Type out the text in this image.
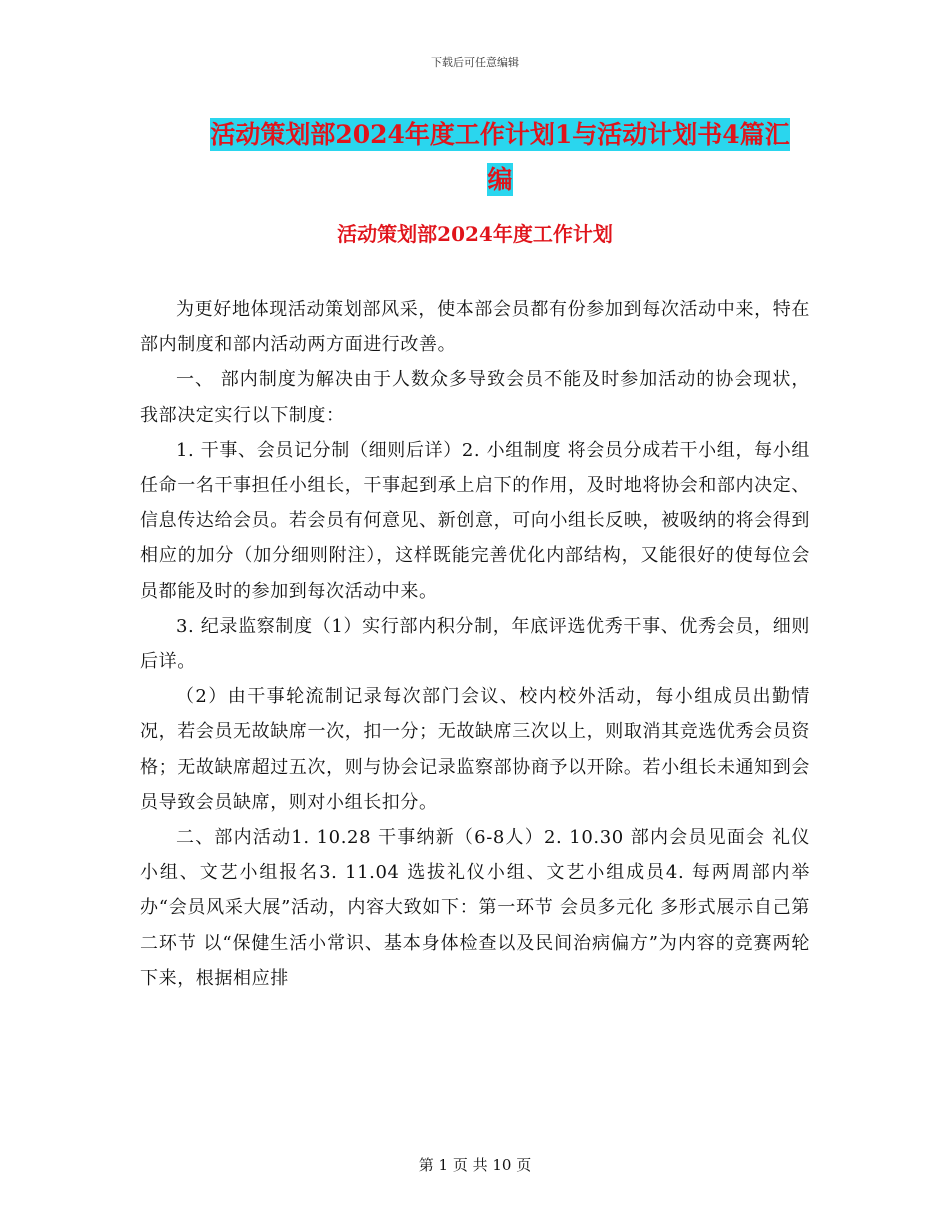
下载后可任意编辑
活动策划部2024年度工作计划1与活动计划书4篇汇
编
活动策划部2024年度工作计划

为更好地体现活动策划部风采，使本部会员都有份参加到每次活动中来，特在部内制度和部内活动两方面进行改善。

一、 部内制度为解决由于人数众多导致会员不能及时参加活动的协会现状，我部决定实行以下制度：

1. 干事、会员记分制（细则后详）2. 小组制度 将会员分成若干小组，每小组任命一名干事担任小组长，干事起到承上启下的作用，及时地将协会和部内决定、信息传达给会员。若会员有何意见、新创意，可向小组长反映，被吸纳的将会得到相应的加分（加分细则附注），这样既能完善优化内部结构，又能很好的使每位会员都能及时的参加到每次活动中来。

3. 纪录监察制度（1）实行部内积分制，年底评选优秀干事、优秀会员，细则后详。

（2）由干事轮流制记录每次部门会议、校内校外活动，每小组成员出勤情况，若会员无故缺席一次，扣一分；无故缺席三次以上，则取消其竞选优秀会员资格；无故缺席超过五次，则与协会记录监察部协商予以开除。若小组长未通知到会员导致会员缺席，则对小组长扣分。

二、部内活动1. 10.28 干事纳新（6-8人）2. 10.30 部内会员见面会 礼仪小组、文艺小组报名3. 11.04 选拔礼仪小组、文艺小组成员4. 每两周部内举办“会员风采大展”活动，内容大致如下：第一环节 会员多元化 多形式展示自己第二环节 以“保健生活小常识、基本身体检查以及民间治病偏方”为内容的竞赛两轮下来，根据相应排

第 1 页 共 10 页
